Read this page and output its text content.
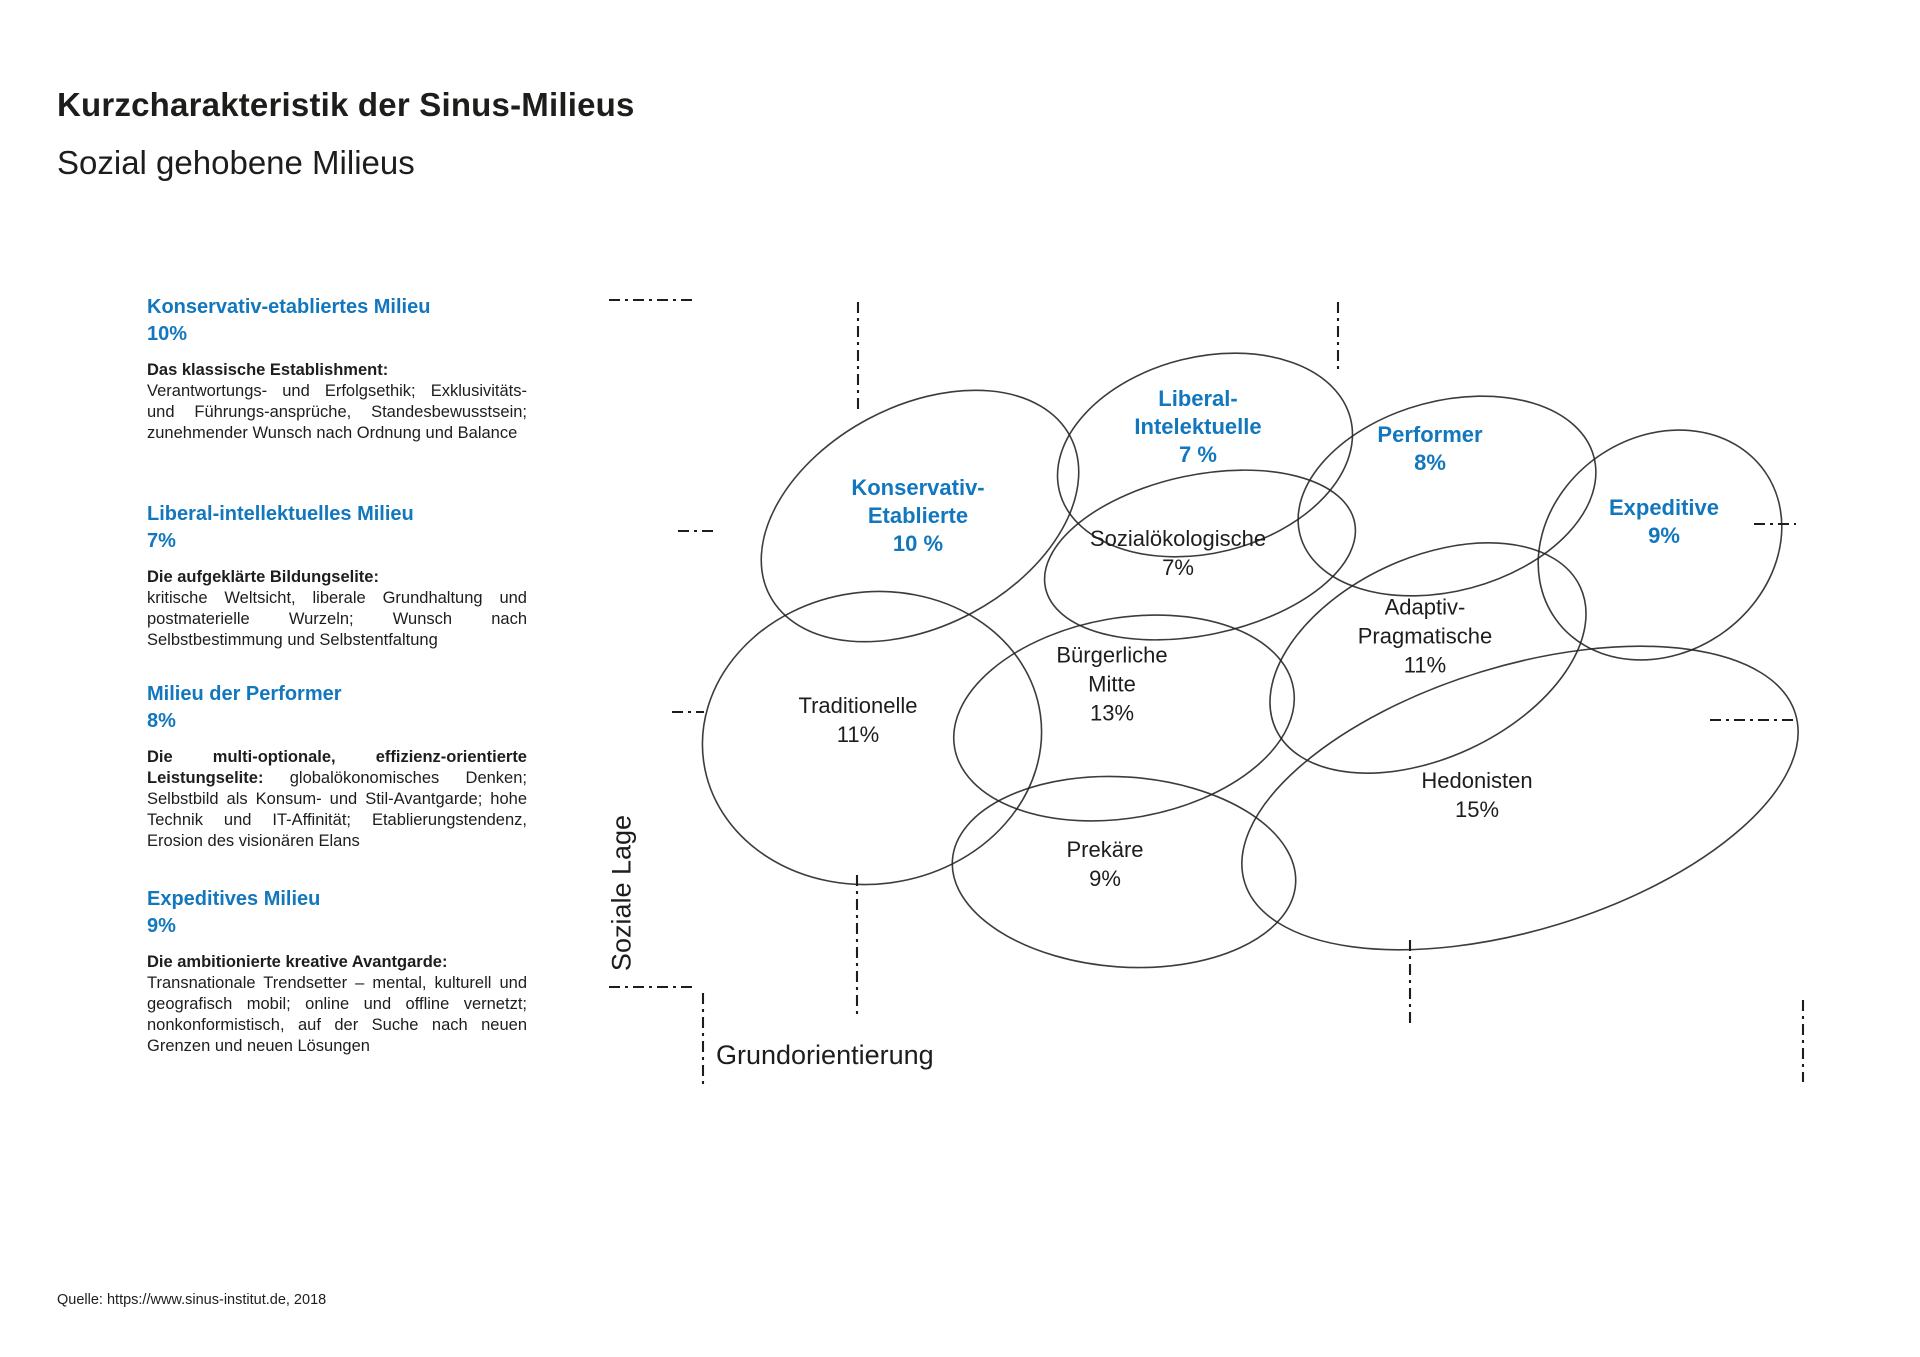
Kurzcharakteristik der Sinus-Milieus
Sozial gehobene Milieus
Konservativ-etabliertes Milieu
10%

Das klassische Establishment:
Verantwortungs- und Erfolgsethik; Exklusivitäts- und Führungs-ansprüche, Standesbewusstsein; zunehmender Wunsch nach Ordnung und Balance

Liberal-intellektuelles Milieu
7%

Die aufgeklärte Bildungselite:
kritische Weltsicht, liberale Grundhaltung und postmaterielle Wurzeln; Wunsch nach Selbstbestimmung und Selbstentfaltung

Milieu der Performer
8%

Die multi-optionale, effizienz-orientierte Leistungselite: globalökonomisches Denken; Selbstbild als Konsum- und Stil-Avantgarde; hohe Technik und IT-Affinität; Etablierungstendenz, Erosion des visionären Elans

Expeditives Milieu
9%

Die ambitionierte kreative Avantgarde:
Transnationale Trendsetter – mental, kulturell und geografisch mobil; online und offline vernetzt; nonkonformistisch, auf der Suche nach neuen Grenzen und neuen Lösungen

Konservativ-
Etablierte
10 %
Liberal-
Intelektuelle
7 %
Performer
8%
Expeditive
9%
Sozialökologische
7%
Adaptiv-
Pragmatische
11%
Traditionelle
11%
Bürgerliche
Mitte
13%
Prekäre
9%
Hedonisten
15%
Soziale Lage
Grundorientierung
Quelle: https://www.sinus-institut.de, 2018
